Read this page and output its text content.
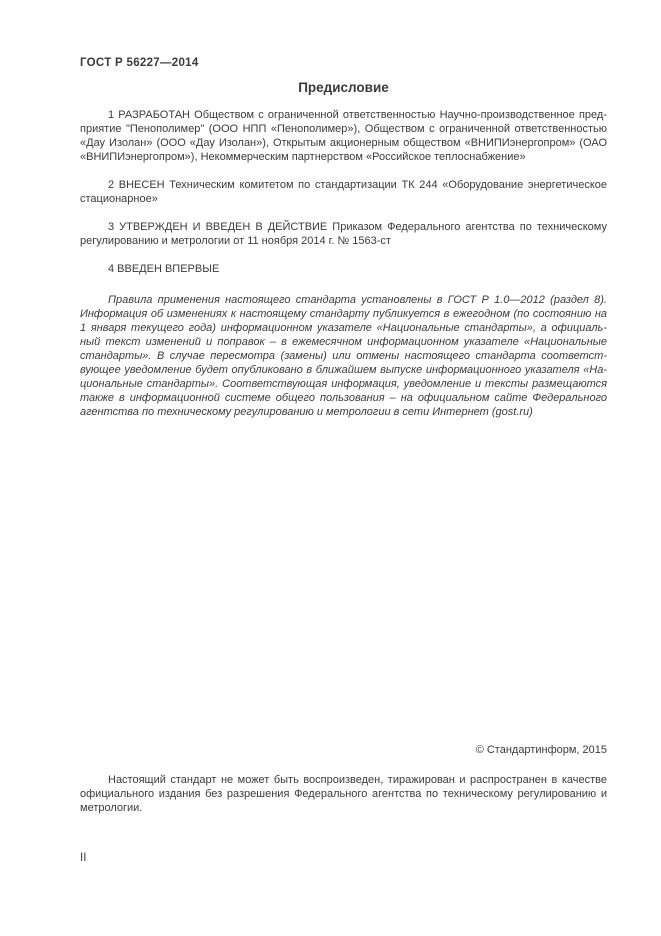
ГОСТ Р 56227—2014
Предисловие

1 РАЗРАБОТАН Обществом с ограниченной ответственностью Научно-производственное предприятие "Пенополимер" (ООО НПП «Пенополимер»), Обществом с ограниченной ответственностью «Дау Изолан» (ООО «Дау Изолан»), Открытым акционерным обществом «ВНИПИэнергопром» (ОАО «ВНИПИэнергопром»), Некоммерческим партнерством «Российское теплоснабжение»

2 ВНЕСЕН Техническим комитетом по стандартизации ТК 244 «Оборудование энергетическое стационарное»

3 УТВЕРЖДЕН И ВВЕДЕН В ДЕЙСТВИЕ Приказом Федерального агентства по техническому регулированию и метрологии от 11 ноября 2014 г. № 1563-ст

4 ВВЕДЕН ВПЕРВЫЕ

Правила применения настоящего стандарта установлены в ГОСТ Р 1.0—2012 (раздел 8). Информация об изменениях к настоящему стандарту публикуется в ежегодном (по состоянию на 1 января текущего года) информационном указателе «Национальные стандарты», а официальный текст изменений и поправок – в ежемесячном информационном указателе «Национальные стандарты». В случае пересмотра (замены) или отмены настоящего стандарта соответствующее уведомление будет опубликовано в ближайшем выпуске информационного указателя «Национальные стандарты». Соответствующая информация, уведомление и тексты размещаются также в информационной системе общего пользования – на официальном сайте Федерального агентства по техническому регулированию и метрологии в сети Интернет (gost.ru)

© Стандартинформ, 2015

Настоящий стандарт не может быть воспроизведен, тиражирован и распространен в качестве официального издания без разрешения Федерального агентства по техническому регулированию и метрологии.

II
